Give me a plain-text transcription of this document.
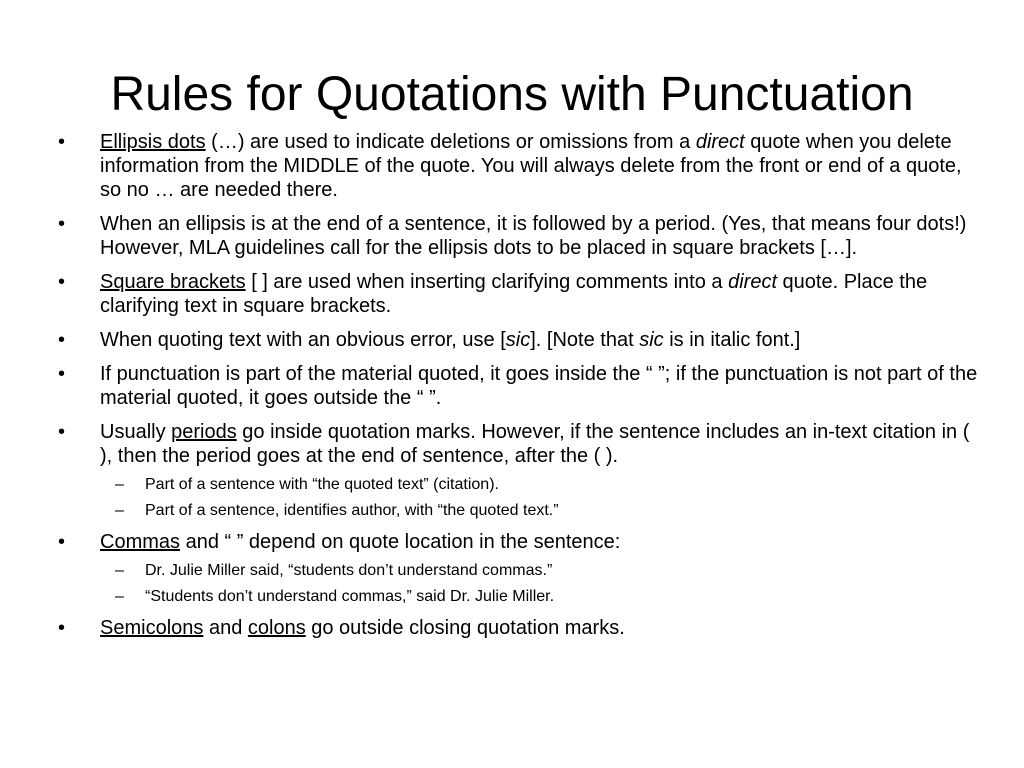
Rules for Quotations with Punctuation
•	Ellipsis dots (…) are used to indicate deletions or omissions from a direct quote when you delete information from the MIDDLE of the quote. You will always delete from the front or end of a quote, so no … are needed there.
•	When an ellipsis is at the end of a sentence, it is followed by a period. (Yes, that means four dots!) However, MLA guidelines call for the ellipsis dots to be placed in square brackets […].
•	Square brackets [ ] are used when inserting clarifying comments into a direct quote. Place the clarifying text in square brackets.
•	When quoting text with an obvious error, use [sic]. [Note that sic is in italic font.]
•	If punctuation is part of the material quoted, it goes inside the “ ”; if the punctuation is not part of the material quoted, it goes outside the “ ”.
•	Usually periods go inside quotation marks. However, if the sentence includes an in-text citation in ( ), then the period goes at the end of sentence, after the ( ).
– Part of a sentence with “the quoted text” (citation).
– Part of a sentence, identifies author, with “the quoted text.”
•	Commas and “ ” depend on quote location in the sentence:
– Dr. Julie Miller said, “students don’t understand commas.”
– “Students don’t understand commas,” said Dr. Julie Miller.
•	Semicolons and colons go outside closing quotation marks.
